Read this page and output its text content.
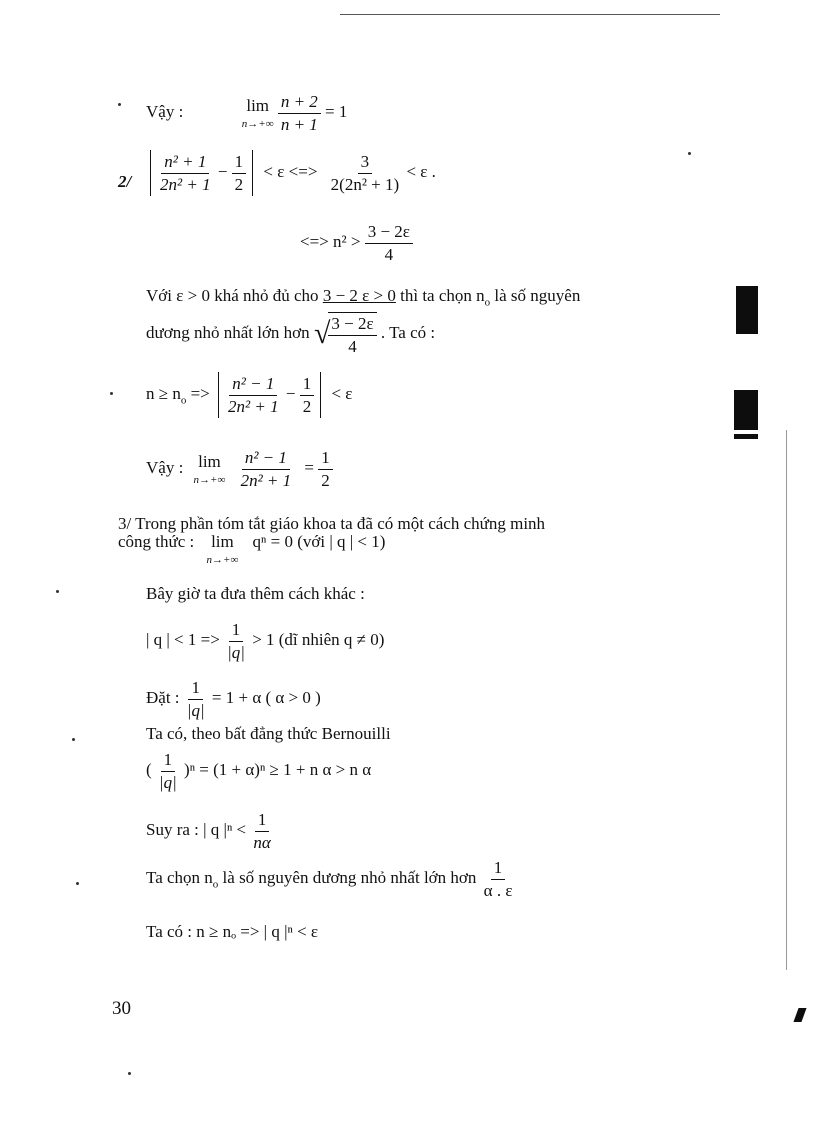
Vậy :	lim
n→+∞
$\frac{n + 2}{n + 1} = 1$
$2/ \frac{\text{n² + 1}}{\text{2n² + 1}} - \frac{1}{2} < \varepsilon$ <=> $\frac{3}{\text{2(2n² + 1)}} < \varepsilon$ .
<=> $n^2 > \frac{3 - 2\varepsilon}{4}$
Với ε > 0 khá nhỏ đủ cho 3 − 2 ε > 0 thì ta chọn $n_o$ là số nguyên
dương nhỏ nhất lớn hơn √
$\frac{3 - 2\varepsilon}{4}$ . Ta có :
$n \ge n_o => \frac{\text{n² − 1}}{\text{2n² + 1}} - \frac{1}{2} < \varepsilon$
Vậy : lim
n→+∞
$\frac{\text{n² − 1}}{\text{2n² + 1}} = \frac{1}{2}$
3/ Trong phần tóm tắt giáo khoa ta đã có một cách chứng minh
công thức : lim
n→+∞
qⁿ = 0 (với | q | < 1)
Bây giờ ta đưa thêm cách khác :
| q | < $1 => \frac{1}{|q|} > 1$ (dĩ nhiên q ≠ 0)
Đặt : $\frac{1}{|q|} = 1 + \alpha$ ( α > 0 )
Ta có, theo bất đẳng thức Bernouilli
( $\frac{1}{|q|} )^n = (1 + \alpha)^n \ge 1 + n$ α > n α
Suy ra : | q $|^n < \frac{1}{n\alpha}$
Ta chọn $n_o$ là số nguyên dương nhỏ nhất lớn hơn $\frac{1}{\alpha . \varepsilon}$
Ta có : n ≥ nₒ => | q |ⁿ < ε
30
